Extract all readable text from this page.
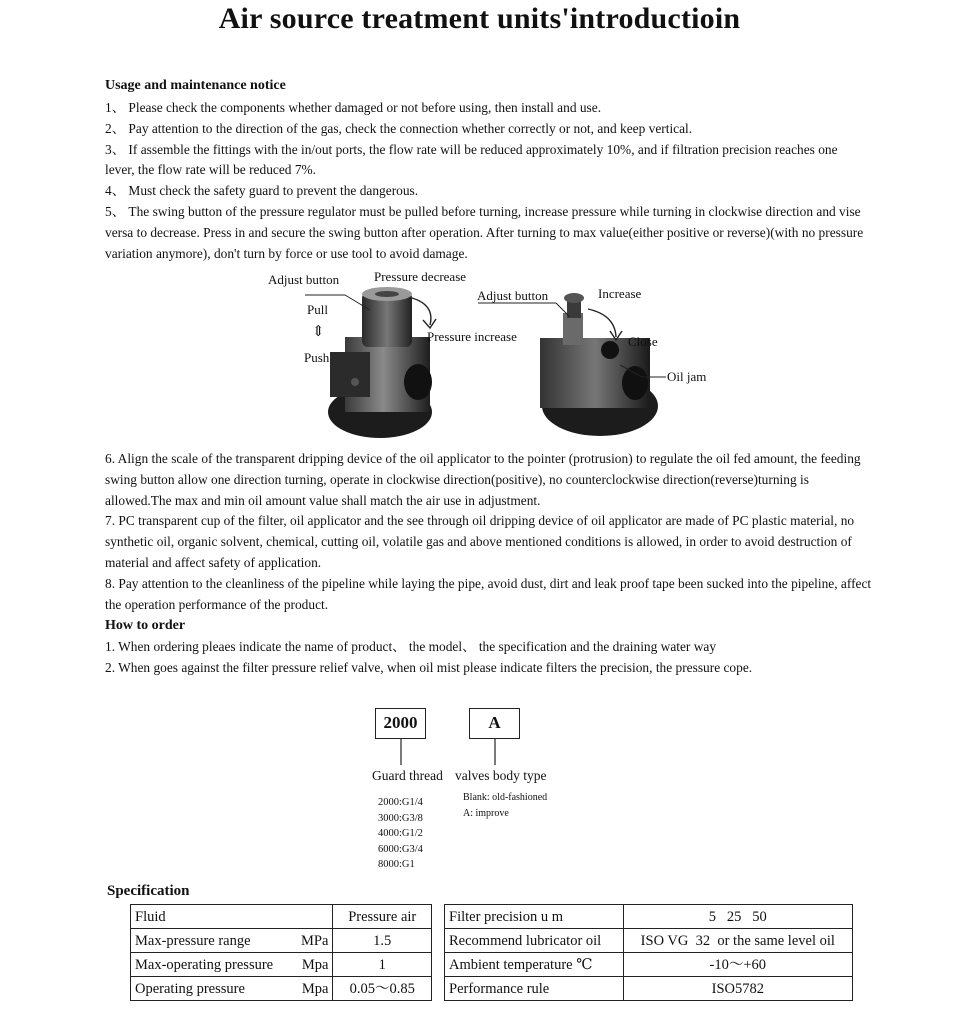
Air source treatment units'introductioin
Usage and maintenance notice

1、 Please check the components whether damaged or not before using, then install and use.

2、 Pay attention to the direction of the gas, check the connection whether correctly or not, and keep vertical.

3、 If assemble the fittings with the in/out ports, the flow rate will be reduced approximately 10%, and if filtration precision reaches one lever, the flow rate will be reduced 7%.

4、 Must check the safety guard to prevent the dangerous.

5、 The swing button of the pressure regulator must be pulled before turning, increase pressure while turning in clockwise direction and vise versa to decrease. Press in and secure the swing button after operation. After turning to max value(either positive or reverse)(with no pressure variation anymore), don't turn by force or use tool to avoid damage.

Adjust button	Pressure decrease
Pull
⇕
Push
Pressure increase
Adjust button	Increase
Close
Oil jam

6. Align the scale of the transparent dripping device of the oil applicator to the pointer (protrusion) to regulate the oil fed amount, the feeding swing button allow one direction turning, operate in clockwise direction(positive), no counterclockwise direction(reverse)turning is allowed.The max and min oil amount value shall match the air use in adjustment.

7. PC transparent cup of the filter, oil applicator and the see through oil dripping device of oil applicator are made of PC plastic material, no synthetic oil, organic solvent, chemical, cutting oil, volatile gas and above mentioned conditions is allowed, in order to avoid destruction of material and affect safety of application.

8. Pay attention to the cleanliness of the pipeline while laying the pipe, avoid dust, dirt and leak proof tape been sucked into the pipeline, affect the operation performance of the product.

How to order

1. When ordering pleaes indicate the name of product、 the model、 the specification and the draining water way

2. When goes against the filter pressure relief valve, when oil mist please indicate filters the precision, the pressure cope.

2000	A
Guard thread valves body type
2000:G1/4
3000:G3/8
4000:G1/2
6000:G3/4
8000:G1
Blank: old-fashioned
A: improve
Specification
Fluid	Pressure air

Max-pressure range MPa	1.5

Max-operating pressure Mpa	1

Operating pressure Mpa	0.05～0.85
Filter precision u m	5   25   50
Recommend lubricator oil	ISO VG  32  or the same level oil
Ambient temperature ℃	-10～+60
Performance rule	ISO5782
